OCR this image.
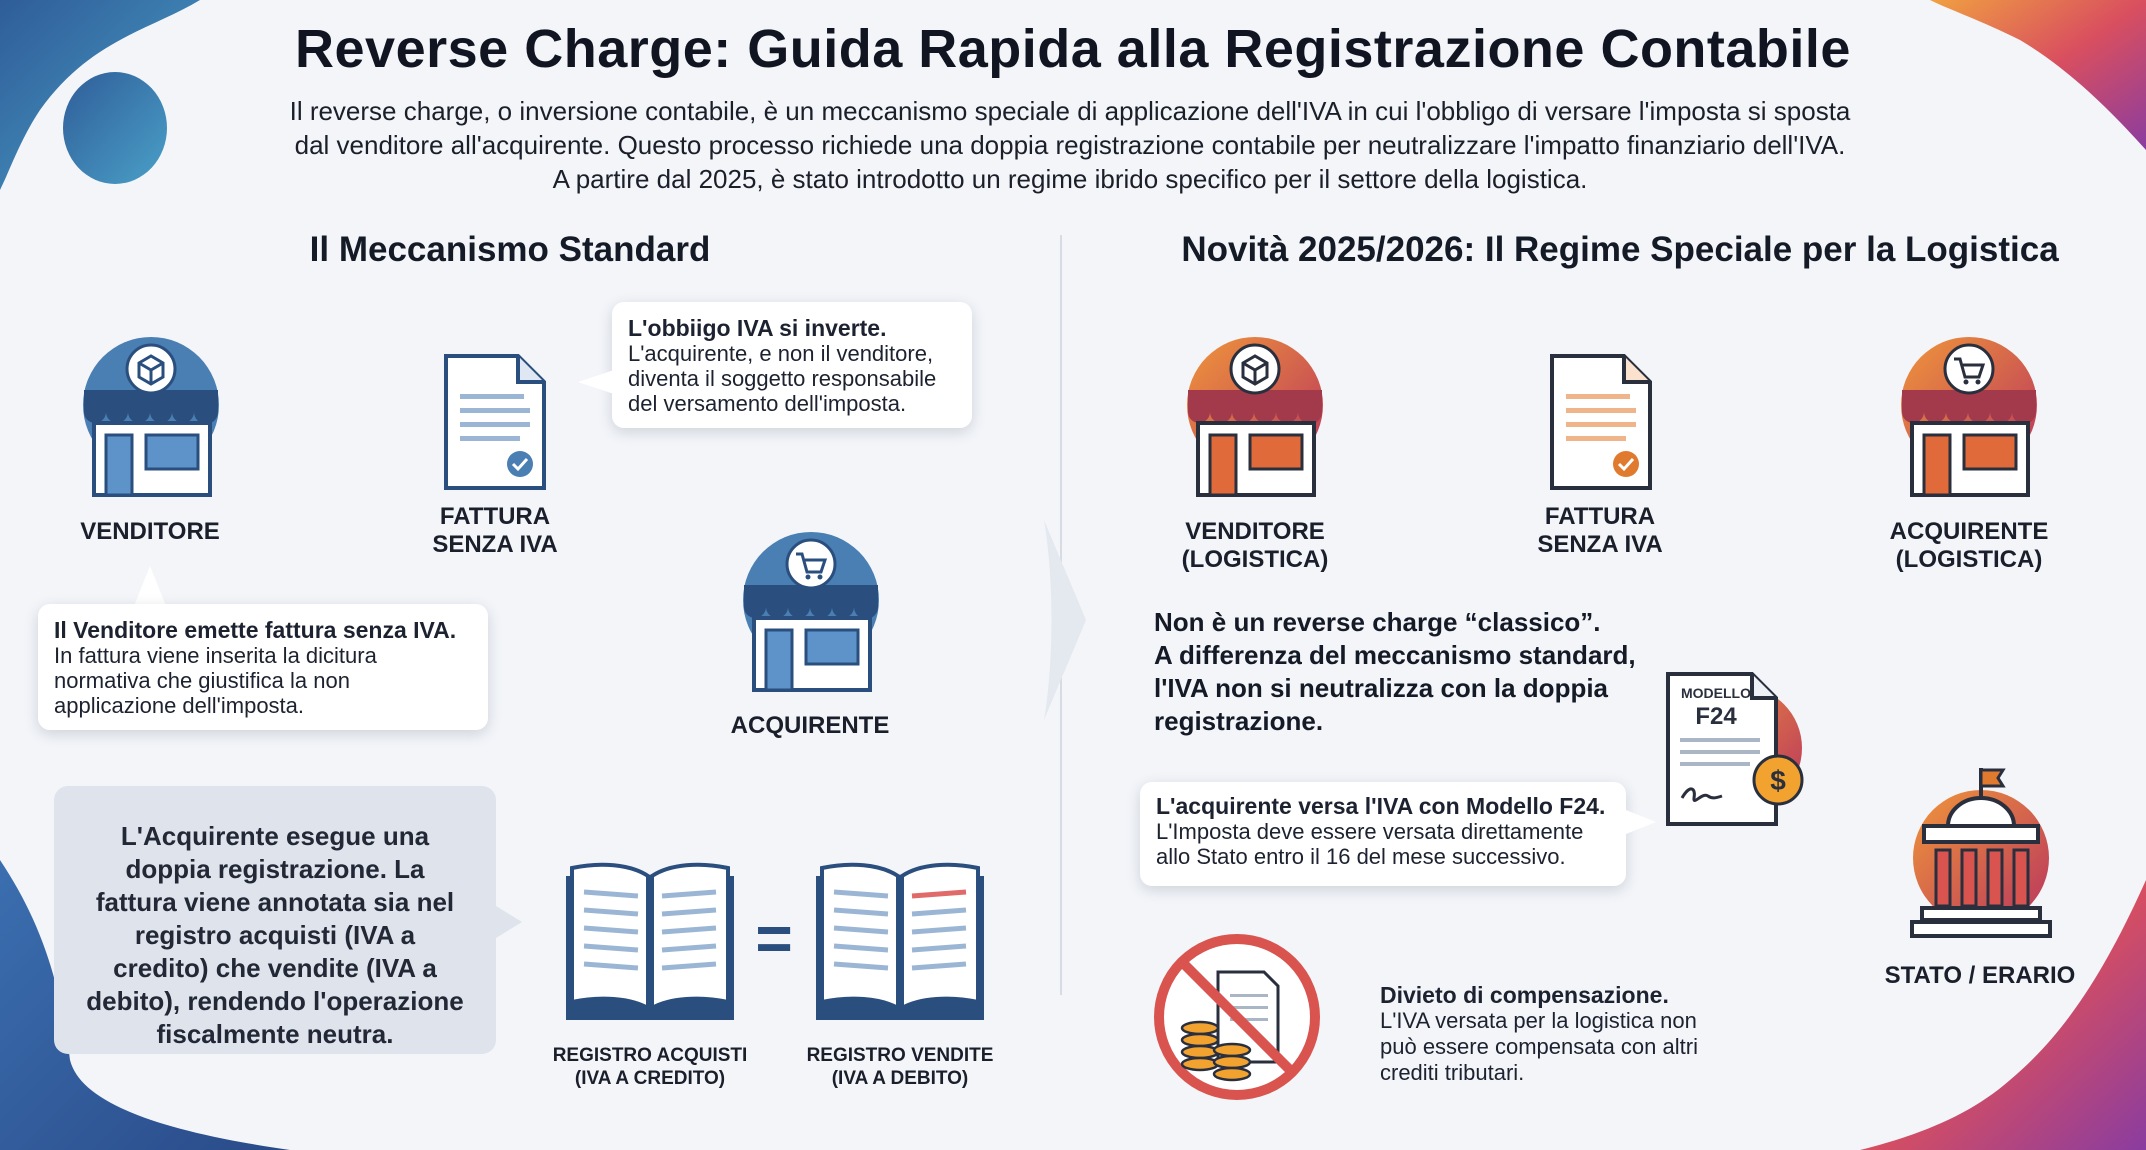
Reverse Charge: Guida Rapida alla Registrazione Contabile
Il reverse charge, o inversione contabile, è un meccanismo speciale di applicazione dell'IVA in cui l'obbligo di versare l'imposta si sposta
dal venditore all'acquirente. Questo processo richiede una doppia registrazione contabile per neutralizzare l'impatto finanziario dell'IVA.
A partire dal 2025, è stato introdotto un regime ibrido specifico per il settore della logistica.
Il Meccanismo Standard	Novità 2025/2026: Il Regime Speciale per la Logistica
VENDITORE
FATTURA
SENZA IVA
L'obbiigo IVA si inverte.
L'acquirente, e non il venditore, diventa il soggetto responsabile del versamento dell'imposta.
Il Venditore emette fattura senza IVA.
In fattura viene inserita la dicitura normativa che giustifica la non applicazione dell'imposta.
ACQUIRENTE
L'Acquirente esegue una doppia registrazione. La fattura viene annotata sia nel registro acquisti (IVA a credito) che vendite (IVA a debito), rendendo l'operazione fiscalmente neutra.
=
REGISTRO ACQUISTI
(IVA A CREDITO)
REGISTRO VENDITE
(IVA A DEBITO)
VENDITORE
(LOGISTICA)
FATTURA
SENZA IVA	ACQUIRENTE
(LOGISTICA)
Non è un reverse charge “classico”.
A differenza del meccanismo standard, l'IVA non si neutralizza con la doppia registrazione.
MODELLO
F24
$
L'acquirente versa l'IVA con Modello F24.
L'Imposta deve essere versata direttamente allo Stato entro il 16 del mese successivo.
STATO / ERARIO
Divieto di compensazione.
L'IVA versata per la logistica non può essere compensata con altri crediti tributari.
